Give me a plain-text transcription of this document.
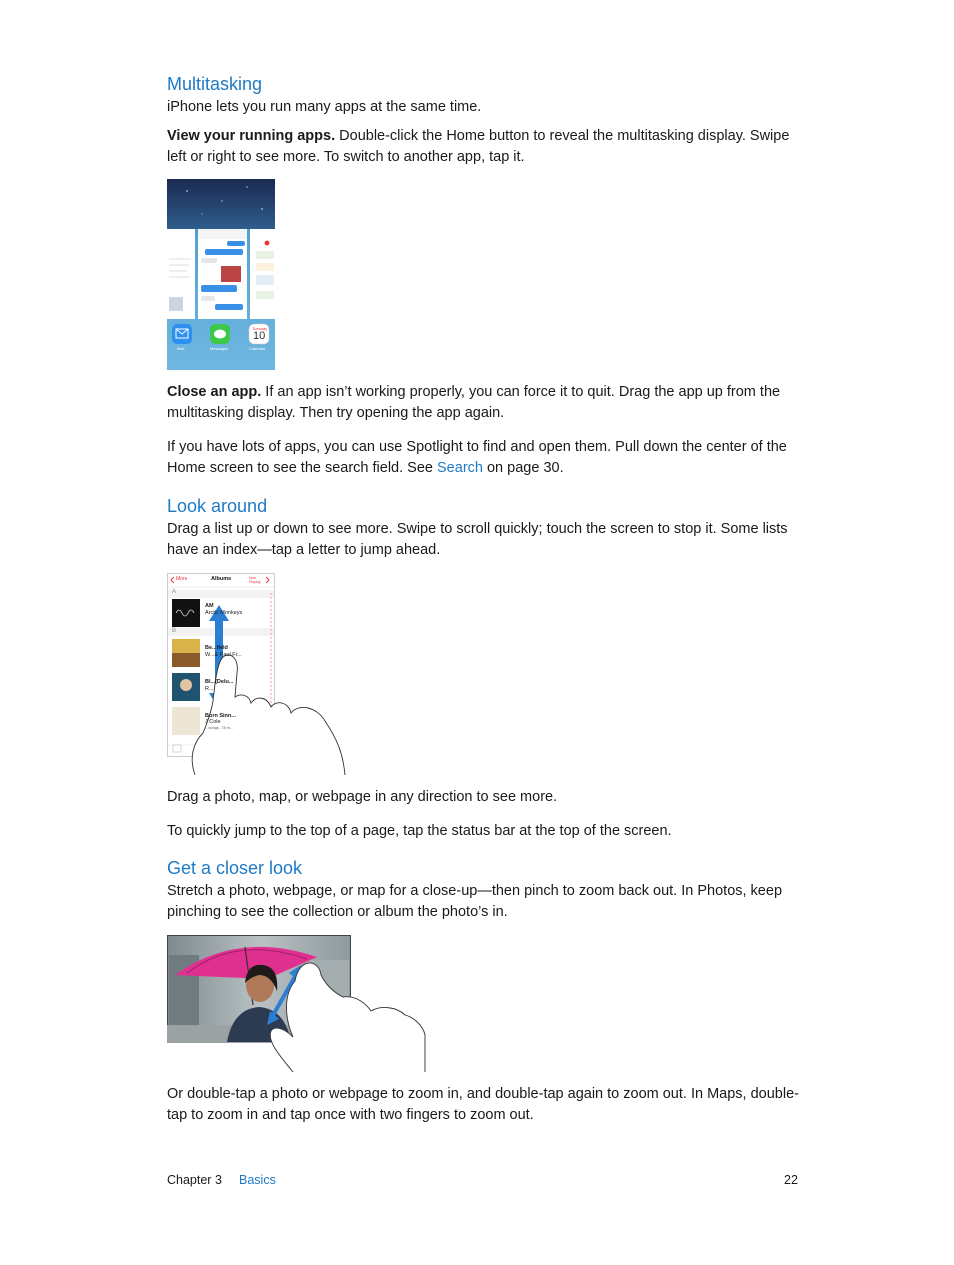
Multitasking

iPhone lets you run many apps at the same time.

View your running apps. Double-click the Home button to reveal the multitasking display. Swipe left or right to see more. To switch to another app, tap it.

Tuesday
10
Mail	Messages	Calendar

Close an app. If an app isn’t working properly, you can force it to quit. Drag the app up from the multitasking display. Then try opening the app again.

If you have lots of apps, you can use Spotlight to find and open them. Pull down the center of the Home screen to see the search field. See Search on page 30.

Look around

Drag a list up or down to see more. Swipe to scroll quickly; touch the screen to stop it. Some lists have an index—tap a letter to jump ahead.

More	Albums	Now Playing
A
B
AM
Arctic Monkeys
Be...field
W...& Paul Fr...
Bl...(Delu...
R...
Born Sinn...
J Cole
...songs, 78 m...

Drag a photo, map, or webpage in any direction to see more.

To quickly jump to the top of a page, tap the status bar at the top of the screen.

Get a closer look

Stretch a photo, webpage, or map for a close-up—then pinch to zoom back out. In Photos, keep pinching to see the collection or album the photo’s in.

Or double-tap a photo or webpage to zoom in, and double-tap again to zoom out. In Maps, double-tap to zoom in and tap once with two fingers to zoom out.

Chapter 3 Basics	22
